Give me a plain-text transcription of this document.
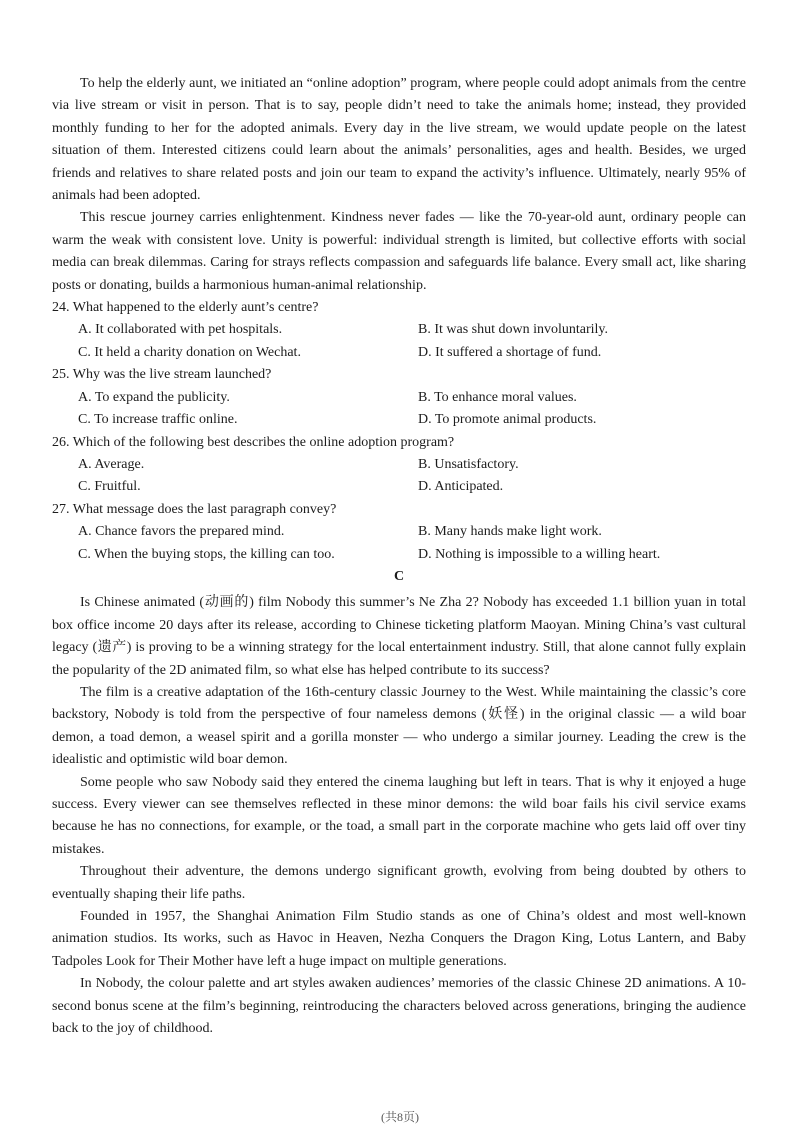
To help the elderly aunt, we initiated an “online adoption” program, where people could adopt animals from the centre via live stream or visit in person. That is to say, people didn’t need to take the animals home; instead, they provided monthly funding to her for the adopted animals. Every day in the live stream, we would update people on the latest situation of them. Interested citizens could learn about the animals’ personalities, ages and health. Besides, we urged friends and relatives to share related posts and join our team to expand the activity’s influence. Ultimately, nearly 95% of animals had been adopted.

This rescue journey carries enlightenment. Kindness never fades — like the 70-year-old aunt, ordinary people can warm the weak with consistent love. Unity is powerful: individual strength is limited, but collective efforts with social media can break dilemmas. Caring for strays reflects compassion and safeguards life balance. Every small act, like sharing posts or donating, builds a harmonious human-animal relationship.

24. What happened to the elderly aunt’s centre?

A. It collaborated with pet hospitals.	B. It was shut down involuntarily.

C. It held a charity donation on Wechat.	D. It suffered a shortage of fund.

25. Why was the live stream launched?

A. To expand the publicity.	B. To enhance moral values.

C. To increase traffic online.	D. To promote animal products.

26. Which of the following best describes the online adoption program?

A. Average.	B. Unsatisfactory.

C. Fruitful.	D. Anticipated.

27. What message does the last paragraph convey?

A. Chance favors the prepared mind.	B. Many hands make light work.

C. When the buying stops, the killing can too.	D. Nothing is impossible to a willing heart.

C

Is Chinese animated (动画的) film Nobody this summer’s Ne Zha 2? Nobody has exceeded 1.1 billion yuan in total box office income 20 days after its release, according to Chinese ticketing platform Maoyan. Mining China’s vast cultural legacy (遗产) is proving to be a winning strategy for the local entertainment industry. Still, that alone cannot fully explain the popularity of the 2D animated film, so what else has helped contribute to its success?

The film is a creative adaptation of the 16th-century classic Journey to the West. While maintaining the classic’s core backstory, Nobody is told from the perspective of four nameless demons (妖怪) in the original classic — a wild boar demon, a toad demon, a weasel spirit and a gorilla monster — who undergo a similar journey. Leading the crew is the idealistic and optimistic wild boar demon.

Some people who saw Nobody said they entered the cinema laughing but left in tears. That is why it enjoyed a huge success. Every viewer can see themselves reflected in these minor demons: the wild boar fails his civil service exams because he has no connections, for example, or the toad, a small part in the corporate machine who gets laid off over tiny mistakes.

Throughout their adventure, the demons undergo significant growth, evolving from being doubted by others to eventually shaping their life paths.

Founded in 1957, the Shanghai Animation Film Studio stands as one of China’s oldest and most well-known animation studios. Its works, such as Havoc in Heaven, Nezha Conquers the Dragon King, Lotus Lantern, and Baby Tadpoles Look for Their Mother have left a huge impact on multiple generations.

In Nobody, the colour palette and art styles awaken audiences’ memories of the classic Chinese 2D animations. A 10-second bonus scene at the film’s beginning, reintroducing the characters beloved across generations, bringing the audience back to the joy of childhood.

(共8页)
